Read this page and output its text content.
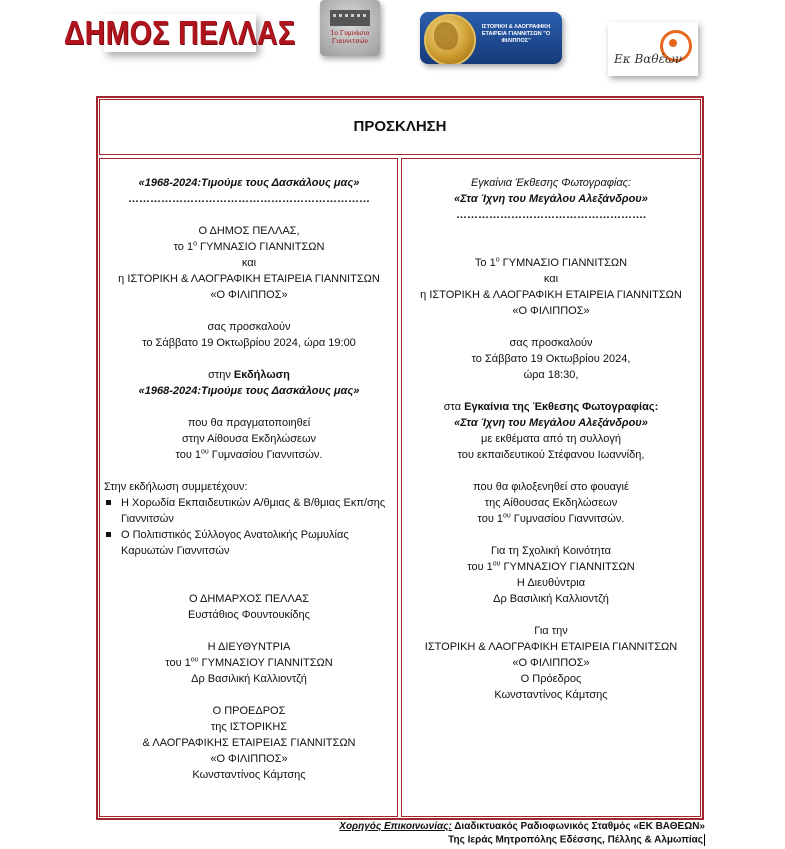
ΔΗΜΟΣ ΠΕΛΛΑΣ	1ο Γυμνάσιο Γιαννιτσών
ΙΣΤΟΡΙΚΗ & ΛΑΟΓΡΑΦΙΚΗ ΕΤΑΙΡΕΙΑ ΓΙΑΝΝΙΤΣΩΝ "Ο ΦΙΛΙΠΠΟΣ"
Εκ Βαθέων
ΠΡΟΣΚΛΗΣΗ
«1968-2024:Τιμούμε τους Δασκάλους μας»
…………………………………………………………
Ο ΔΗΜΟΣ ΠΕΛΛΑΣ,
το $1^o$ ΓΥΜΝΑΣΙΟ ΓΙΑΝΝΙΤΣΩΝ
και
η ΙΣΤΟΡΙΚΗ & ΛΑΟΓΡΑΦΙΚΗ ΕΤΑΙΡΕΙΑ ΓΙΑΝΝΙΤΣΩΝ
«Ο ΦΙΛΙΠΠΟΣ»
σας προσκαλούν
το Σάββατο 19 Οκτωβρίου 2024, ώρα 19:00
στην Εκδήλωση
«1968-2024:Τιμούμε τους Δασκάλους μας»
που θα πραγματοποιηθεί
στην Αίθουσα Εκδηλώσεων
του $1^{o\upsilon}$ Γυμνασίου Γιαννιτσών.
Στην εκδήλωση συμμετέχουν:
Η Χορωδία Εκπαιδευτικών Α/θμιας & Β/θμιας Εκπ/σης Γιαννιτσών
Ο Πολιτιστικός Σύλλογος Ανατολικής Ρωμυλίας Καρυωτών Γιαννιτσών
Ο ΔΗΜΑΡΧΟΣ ΠΕΛΛΑΣ
Ευστάθιος Φουντουκίδης
Η ΔΙΕΥΘΥΝΤΡΙΑ
του $1^{o\upsilon}$ ΓΥΜΝΑΣΙΟΥ ΓΙΑΝΝΙΤΣΩΝ
Δρ Βασιλική Καλλιοντζή
Ο ΠΡΟΕΔΡΟΣ
της ΙΣΤΟΡΙΚΗΣ
& ΛΑΟΓΡΑΦΙΚΗΣ ΕΤΑΙΡΕΙΑΣ ΓΙΑΝΝΙΤΣΩΝ
«Ο ΦΙΛΙΠΠΟΣ»
Κωνσταντίνος Κάμτσης
Εγκαίνια Έκθεσης Φωτογραφίας:
«Στα Ίχνη του Μεγάλου Αλεξάνδρου»
…………………………………………….
Το $1^o$ ΓΥΜΝΑΣΙΟ ΓΙΑΝΝΙΤΣΩΝ
και
η ΙΣΤΟΡΙΚΗ & ΛΑΟΓΡΑΦΙΚΗ ΕΤΑΙΡΕΙΑ ΓΙΑΝΝΙΤΣΩΝ
«Ο ΦΙΛΙΠΠΟΣ»
σας προσκαλούν
το Σάββατο 19 Οκτωβρίου 2024,
ώρα 18:30,
στα Εγκαίνια της Έκθεσης Φωτογραφίας:
«Στα Ίχνη του Μεγάλου Αλεξάνδρου»
με εκθέματα από τη συλλογή
του εκπαιδευτικού Στέφανου Ιωαννίδη,
που θα φιλοξενηθεί στο φουαγιέ
της Αίθουσας Εκδηλώσεων
του $1^{o\upsilon}$ Γυμνασίου Γιαννιτσών.
Για τη Σχολική Κοινότητα
του $1^{o\upsilon}$ ΓΥΜΝΑΣΙΟΥ ΓΙΑΝΝΙΤΣΩΝ
Η Διευθύντρια
Δρ Βασιλική Καλλιοντζή
Για την
ΙΣΤΟΡΙΚΗ & ΛΑΟΓΡΑΦΙΚΗ ΕΤΑΙΡΕΙΑ ΓΙΑΝΝΙΤΣΩΝ
«Ο ΦΙΛΙΠΠΟΣ»
Ο Πρόεδρος
Κωνσταντίνος Κάμτσης
Χορηγός Επικοινωνίας: Διαδικτυακός Ραδιοφωνικός Σταθμός «ΕΚ ΒΑΘΕΩΝ»
Της Ιεράς Μητροπόλης Εδέσσης, Πέλλης & Αλμωπίας
